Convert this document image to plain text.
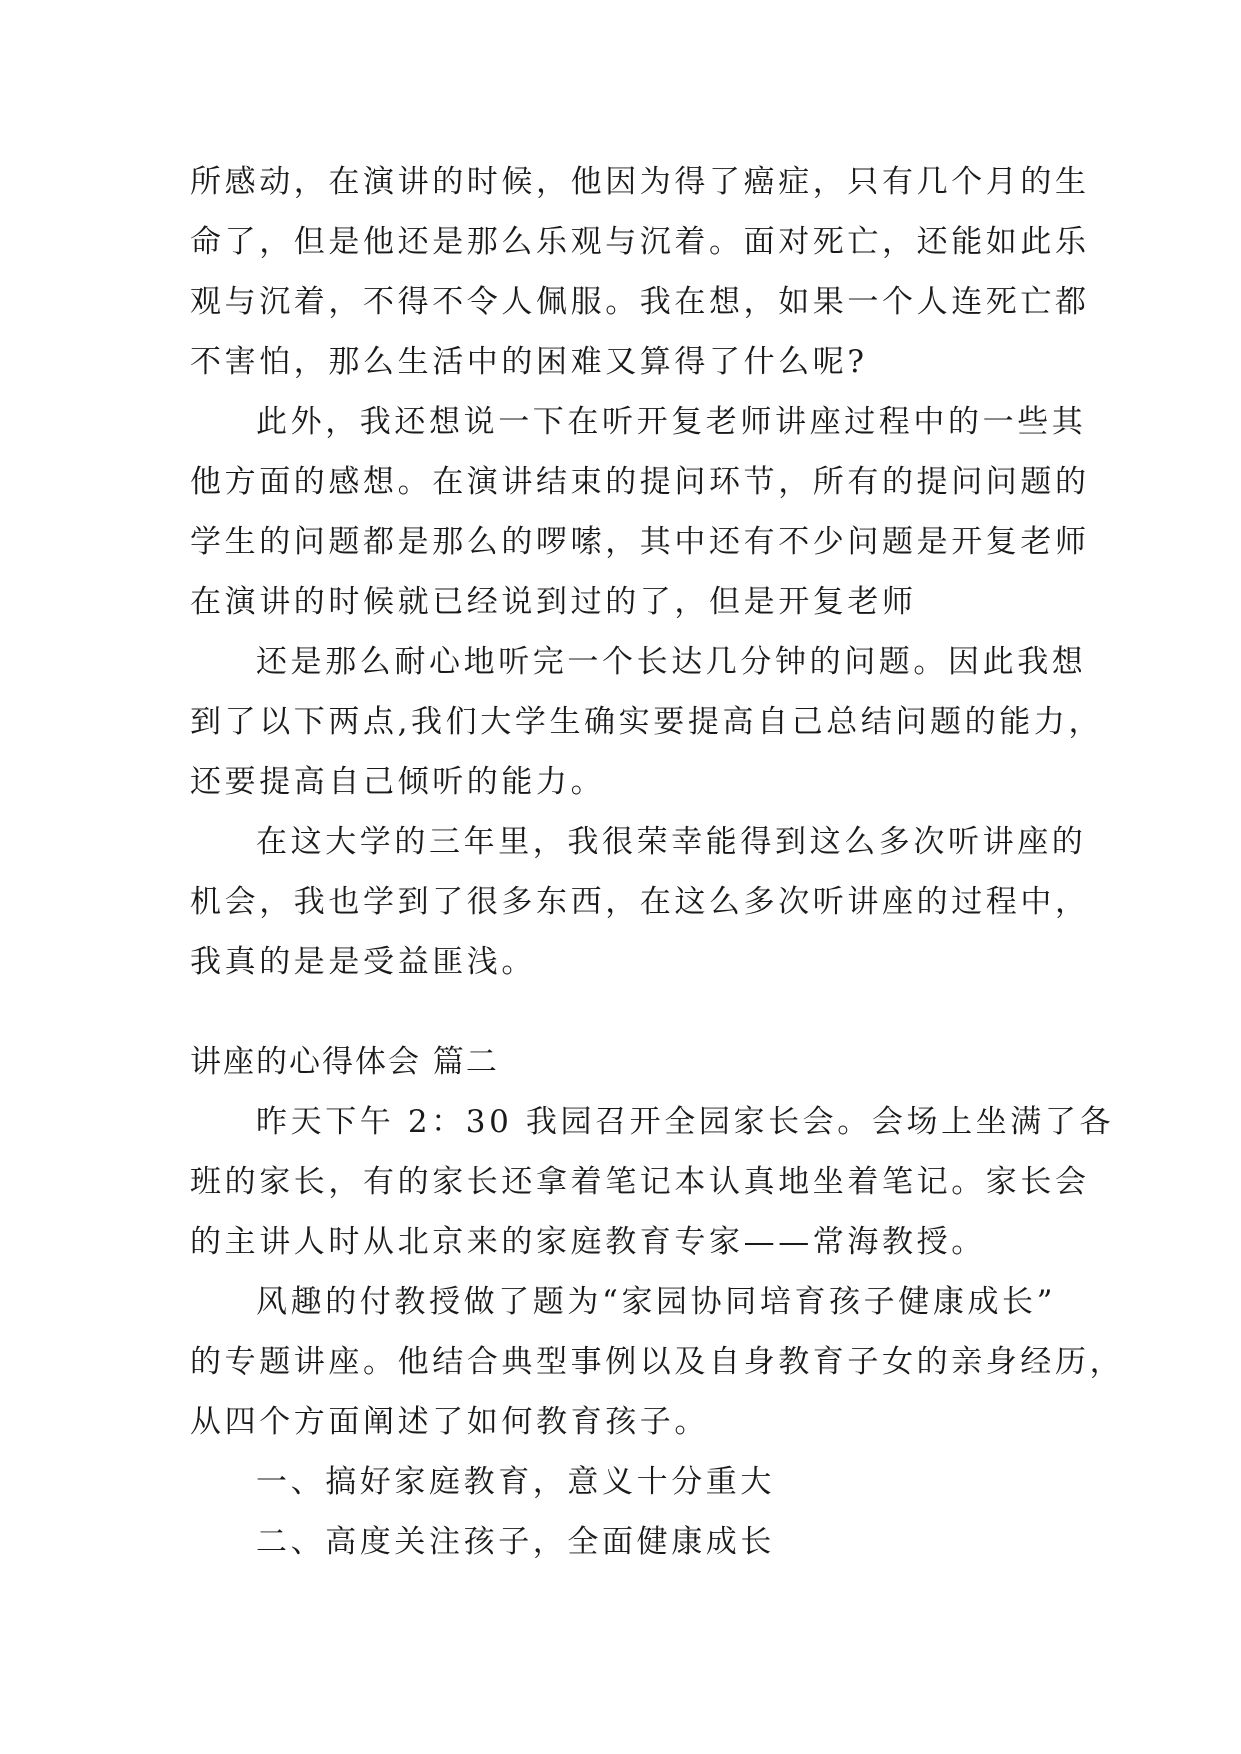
所感动，在演讲的时候，他因为得了癌症，只有几个月的生
命了，但是他还是那么乐观与沉着。面对死亡，还能如此乐
观与沉着，不得不令人佩服。我在想，如果一个人连死亡都
不害怕，那么生活中的困难又算得了什么呢?
此外，我还想说一下在听开复老师讲座过程中的一些其
他方面的感想。在演讲结束的提问环节，所有的提问问题的
学生的问题都是那么的啰嗦，其中还有不少问题是开复老师
在演讲的时候就已经说到过的了，但是开复老师
还是那么耐心地听完一个长达几分钟的问题。因此我想
到了以下两点,我们大学生确实要提高自己总结问题的能力，
还要提高自己倾听的能力。
在这大学的三年里，我很荣幸能得到这么多次听讲座的
机会，我也学到了很多东西，在这么多次听讲座的过程中，
我真的是是受益匪浅。
讲座的心得体会 篇二
昨天下午 2：30 我园召开全园家长会。会场上坐满了各
班的家长，有的家长还拿着笔记本认真地坐着笔记。家长会
的主讲人时从北京来的家庭教育专家——常海教授。
风趣的付教授做了题为“家园协同培育孩子健康成长”
的专题讲座。他结合典型事例以及自身教育子女的亲身经历，
从四个方面阐述了如何教育孩子。
一、搞好家庭教育，意义十分重大
二、高度关注孩子，全面健康成长
